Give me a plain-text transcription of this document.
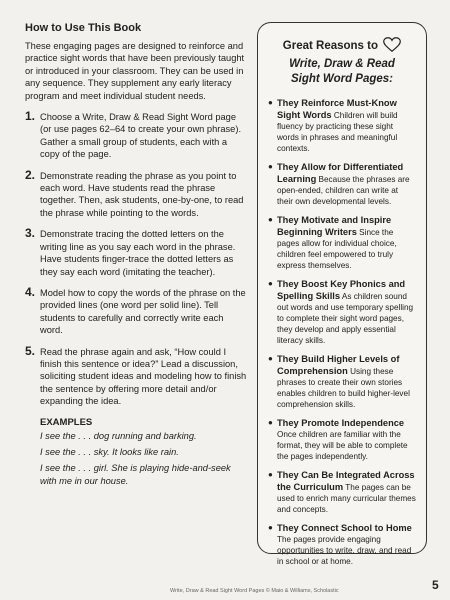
How to Use This Book

These engaging pages are designed to reinforce and practice sight words that have been previously taught or introduced in your classroom. They can be used in any sequence. They supplement any early literacy program and meet individual student needs.

1. Choose a Write, Draw & Read Sight Word page (or use pages 62–64 to create your own phrase). Gather a small group of students, each with a copy of the page.
2. Demonstrate reading the phrase as you point to each word. Have students read the phrase together. Then, ask students, one-by-one, to read the phrase while pointing to the words.
3. Demonstrate tracing the dotted letters on the writing line as you say each word in the phrase. Have students finger-trace the dotted letters as they say each word (imitating the teacher).
4. Model how to copy the words of the phrase on the provided lines (one word per solid line). Tell students to carefully and correctly write each word.
5. Read the phrase again and ask, “How could I finish this sentence or idea?” Lead a discussion, soliciting student ideas and modeling how to finish the sentence by offering more detail and/or expanding the idea.
EXAMPLES

I see the . . . dog running and barking.

I see the . . . sky. It looks like rain.

I see the . . . girl. She is playing hide-and-seek with me in our house.

Great Reasons to
Write, Draw & Read
Sight Word Pages:
● They Reinforce Must-Know Sight Words Children will build fluency by practicing these sight words in phrases and meaningful contexts.
● They Allow for Differentiated Learning Because the phrases are open-ended, children can write at their own developmental levels.
● They Motivate and Inspire Beginning Writers Since the pages allow for individual choice, children feel empowered to truly express themselves.
● They Boost Key Phonics and Spelling Skills As children sound out words and use temporary spelling to complete their sight word pages, they develop and apply essential literacy skills.
● They Build Higher Levels of Comprehension Using these phrases to create their own stories enables children to build higher-level comprehension skills.
● They Promote Independence Once children are familiar with the format, they will be able to complete the pages independently.
● They Can Be Integrated Across the Curriculum The pages can be used to enrich many curricular themes and concepts.
● They Connect School to Home The pages provide engaging opportunities to write, draw, and read in school or at home.
Write, Draw & Read Sight Word Pages © Maio & Williams, Scholastic	5
